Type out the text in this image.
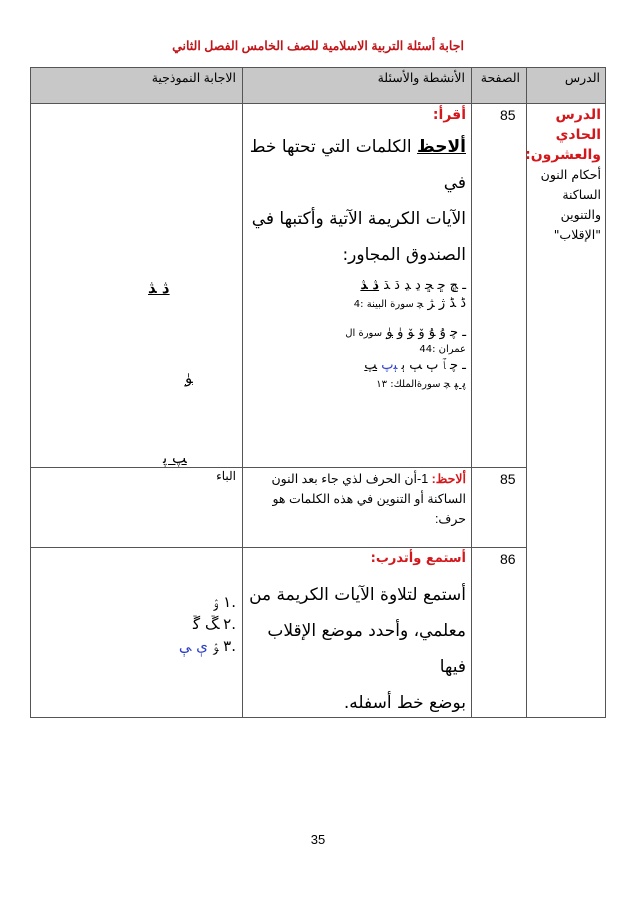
اجابة أسئلة التربية الاسلامية للصف الخامس الفصل الثاني
الدرس
الصفحة
الأنشطة والأسئلة
الاجابة النموذجية
الدرس
الحادي
والعشرون:
أحكام النون
الساكنة
والتنوين
"الإقلاب"
85
أقرأ:
ألاحظ الكلمات التي تحتها خط في
الآيات الكريمة الآتية وأكتبها في
الصندوق المجاور:
ـ ﭿ ﮀ ﮁ ﮂ ﮃ ﮄ ﮅ ﮆ ﮇ
ﮈ ﮉ ﮊ ﮋ ﭽ سورة البينة :4
ـ ﭼ ﯗ ﯘ ﯙ ﯚ ﯛ ﯜ سورة ال
عمران :44
ـ ﭼ ﭑ ﭒ ﭓ ﭔ ﭕﭖ ﭗ
ﭘ ﭙ ﭽ سورةالملك: ١٣
ﮆ ﮇ
ﯜ
ﭗ ﭘ
85
ألاحظ: 1-أن الحرف لذي جاء بعد النون
الساكنة أو التنوين في هذه الكلمات هو
حرف:
الباء
86
أستمع وأتدرب:
أستمع لتلاوة الآيات الكريمة من
معلمي، وأحدد موضع الإقلاب فيها
بوضع خط أسفله.
.١ ﯢ
.٢ ﮛ ﮜ
.٣ ﯣ ﯤ ﯥ
35
